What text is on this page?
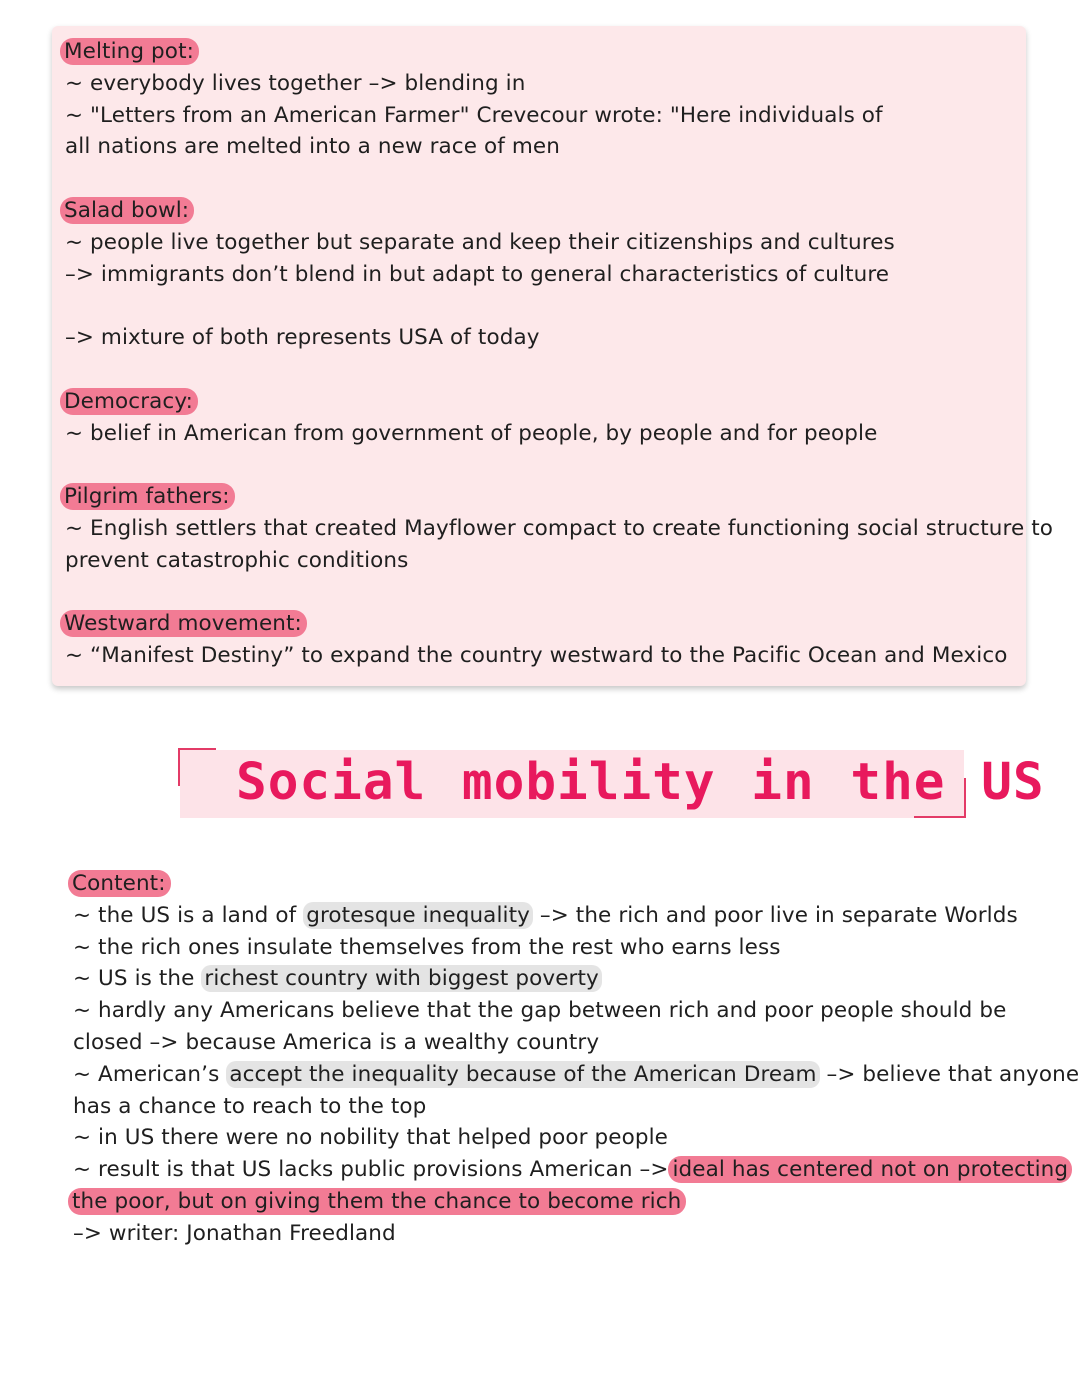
Melting pot:
~ everybody lives together –> blending in
~ "Letters from an American Farmer" Crevecour wrote: "Here individuals of
all nations are melted into a new race of men
Salad bowl:
~ people live together but separate and keep their citizenships and cultures
–> immigrants don’t blend in but adapt to general characteristics of culture
–> mixture of both represents USA of today
Democracy:
~ belief in American from government of people, by people and for people
Pilgrim fathers:
~ English settlers that created Mayflower compact to create functioning social structure to
prevent catastrophic conditions
Westward movement:
~ “Manifest Destiny” to expand the country westward to the Pacific Ocean and Mexico
Social mobility in the US
Content:
~ the US is a land of grotesque inequality –> the rich and poor live in separate Worlds
~ the rich ones insulate themselves from the rest who earns less
~ US is the richest country with biggest poverty
~ hardly any Americans believe that the gap between rich and poor people should be
closed –> because America is a wealthy country
~ American’s accept the inequality because of the American Dream –> believe that anyone
has a chance to reach to the top
~ in US there were no nobility that helped poor people
~ result is that US lacks public provisions American –> ideal has centered not on protecting
the poor, but on giving them the chance to become rich
–> writer: Jonathan Freedland
